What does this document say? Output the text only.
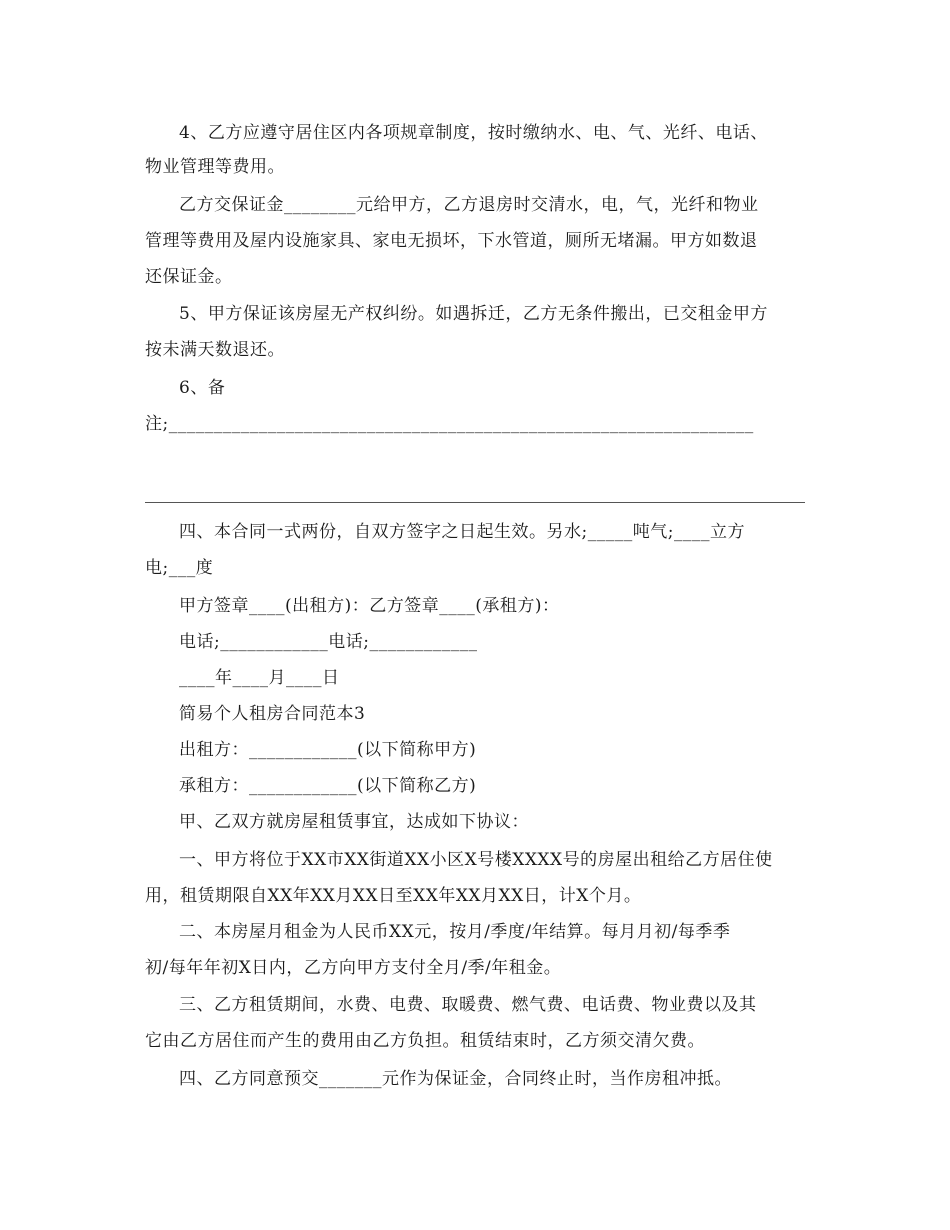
4、乙方应遵守居住区内各项规章制度，按时缴纳水、电、气、光纤、电话、
物业管理等费用。
乙方交保证金________元给甲方，乙方退房时交清水，电，气，光纤和物业
管理等费用及屋内设施家具、家电无损坏，下水管道，厕所无堵漏。甲方如数退
还保证金。
5、甲方保证该房屋无产权纠纷。如遇拆迁，乙方无条件搬出，已交租金甲方
按未满天数退还。
6、备
注;_________________________________________________________________
四、本合同一式两份，自双方签字之日起生效。另水;_____吨气;____立方
电;___度
甲方签章____(出租方)：乙方签章____(承租方)：
电话;____________电话;____________
____年____月____日
简易个人租房合同范本3
出租方：____________(以下简称甲方)
承租方：____________(以下简称乙方)
甲、乙双方就房屋租赁事宜，达成如下协议：
一、甲方将位于XX市XX街道XX小区X号楼XXXX号的房屋出租给乙方居住使
用，租赁期限自XX年XX月XX日至XX年XX月XX日，计X个月。
二、本房屋月租金为人民币XX元，按月/季度/年结算。每月月初/每季季
初/每年年初X日内，乙方向甲方支付全月/季/年租金。
三、乙方租赁期间，水费、电费、取暖费、燃气费、电话费、物业费以及其
它由乙方居住而产生的费用由乙方负担。租赁结束时，乙方须交清欠费。
四、乙方同意预交_______元作为保证金，合同终止时，当作房租冲抵。
